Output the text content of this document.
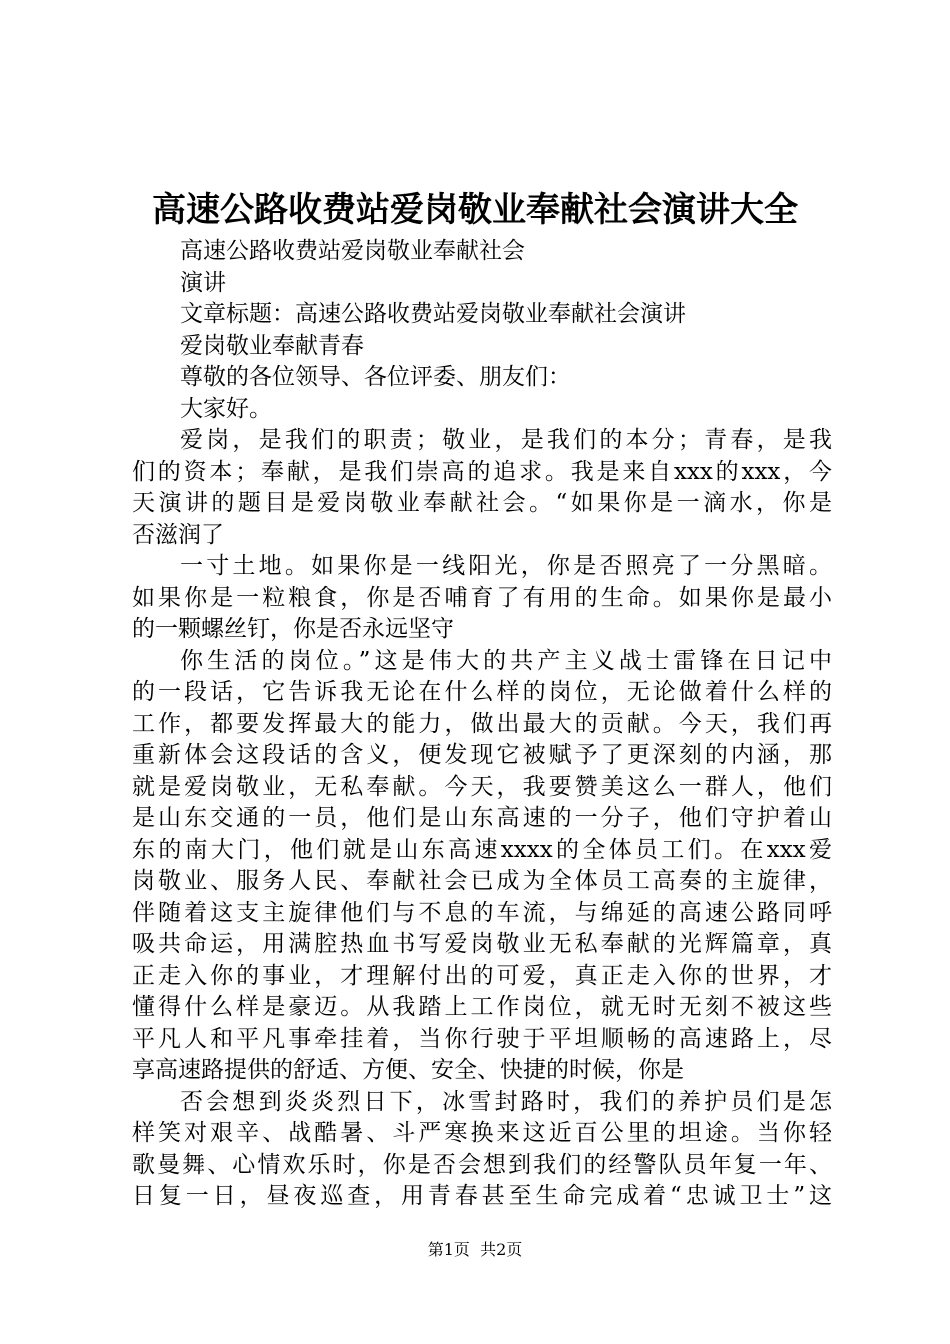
高速公路收费站爱岗敬业奉献社会演讲大全
高速公路收费站爱岗敬业奉献社会
演讲
文章标题：高速公路收费站爱岗敬业奉献社会演讲
爱岗敬业奉献青春
尊敬的各位领导、各位评委、朋友们：
大家好。
爱岗，是我们的职责；敬业，是我们的本分；青春，是我
们的资本；奉献，是我们崇高的追求。我是来自xxx的xxx，今
天演讲的题目是爱岗敬业奉献社会。“如果你是一滴水，你是
否滋润了
一寸土地。如果你是一线阳光，你是否照亮了一分黑暗。
如果你是一粒粮食，你是否哺育了有用的生命。如果你是最小
的一颗螺丝钉，你是否永远坚守
你生活的岗位。”这是伟大的共产主义战士雷锋在日记中
的一段话，它告诉我无论在什么样的岗位，无论做着什么样的
工作，都要发挥最大的能力，做出最大的贡献。今天，我们再
重新体会这段话的含义，便发现它被赋予了更深刻的内涵，那
就是爱岗敬业，无私奉献。今天，我要赞美这么一群人，他们
是山东交通的一员，他们是山东高速的一分子，他们守护着山
东的南大门，他们就是山东高速xxxx的全体员工们。在xxx爱
岗敬业、服务人民、奉献社会已成为全体员工高奏的主旋律，
伴随着这支主旋律他们与不息的车流，与绵延的高速公路同呼
吸共命运，用满腔热血书写爱岗敬业无私奉献的光辉篇章，真
正走入你的事业，才理解付出的可爱，真正走入你的世界，才
懂得什么样是豪迈。从我踏上工作岗位，就无时无刻不被这些
平凡人和平凡事牵挂着，当你行驶于平坦顺畅的高速路上，尽
享高速路提供的舒适、方便、安全、快捷的时候，你是
否会想到炎炎烈日下，冰雪封路时，我们的养护员们是怎
样笑对艰辛、战酷暑、斗严寒换来这近百公里的坦途。当你轻
歌曼舞、心情欢乐时，你是否会想到我们的经警队员年复一年、
日复一日，昼夜巡查，用青春甚至生命完成着“忠诚卫士”这
第1页  共2页
